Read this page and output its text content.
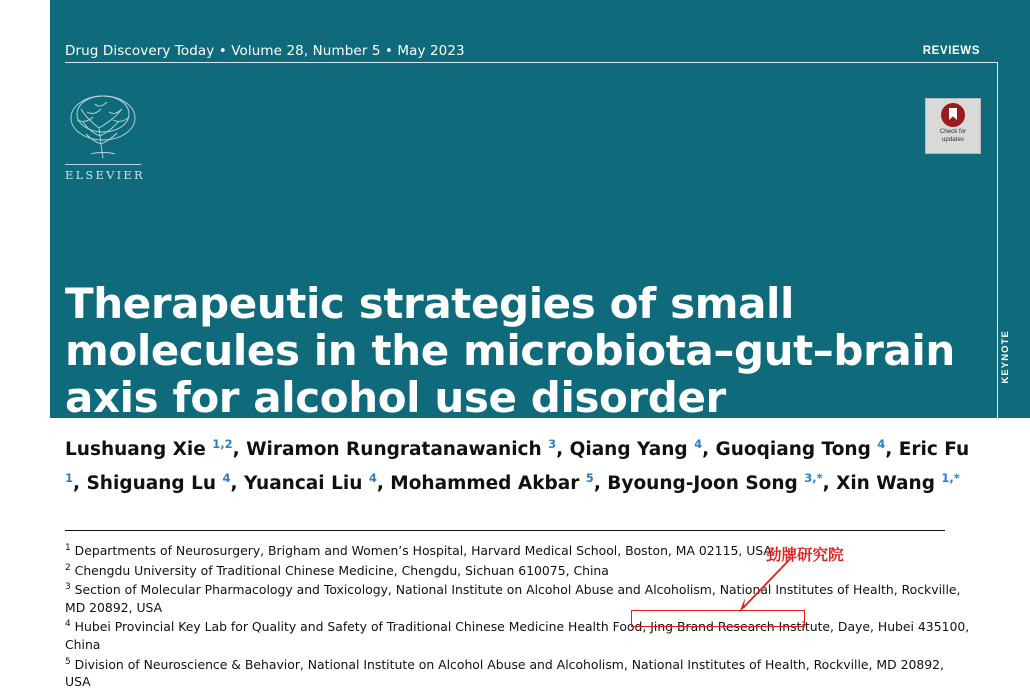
KEYNOTE
Drug Discovery Today • Volume 28, Number 5 • May 2023	REVIEWS
ELSEVIER
Check for
updates
Therapeutic strategies of small molecules in the microbiota–gut–brain axis for alcohol use disorder
Lushuang Xie $^{1,2}$, Wiramon Rungratanawanich $^3$, Qiang Yang $^4$, Guoqiang Tong $^4$, Eric Fu $^1$, Shiguang Lu $^4$, Yuancai Liu $^4$, Mohammed Akbar $^5$, Byoung-Joon Song $^{3,*}$, Xin Wang $^{1,*}$
$^1$ Departments of Neurosurgery, Brigham and Women’s Hospital, Harvard Medical School, Boston, MA 02115, USA
$^2$ Chengdu University of Traditional Chinese Medicine, Chengdu, Sichuan 610075, China
$^3$ Section of Molecular Pharmacology and Toxicology, National Institute on Alcohol Abuse and Alcoholism, National Institutes of Health, Rockville, MD 20892, USA
$^4$ Hubei Provincial Key Lab for Quality and Safety of Traditional Chinese Medicine Health Food, Jing Brand Research Institute, Daye, Hubei 435100, China
$^5$ Division of Neuroscience & Behavior, National Institute on Alcohol Abuse and Alcoholism, National Institutes of Health, Rockville, MD 20892, USA
劲牌研究院
